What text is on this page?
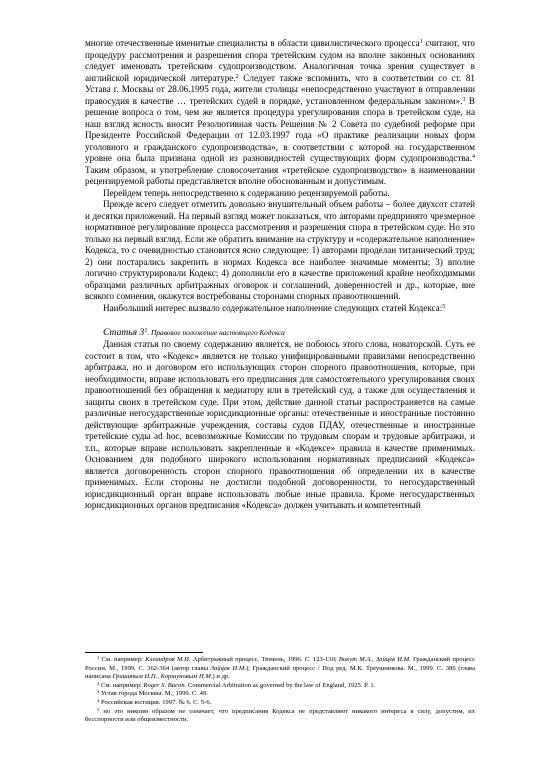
многие отечественные именитые специалисты в области цивилистического процесса$^1$ считают, что процедуру рассмотрения и разрешения спора третейским судом на вполне законных основаниях следует именовать третейским судопроизводством. Аналогичная точка зрения существует в английской юридической литературе.$^2$ Следует также вспомнить, что в соответствии со ст. 81 Устава г. Москвы от 28.06.1995 года, жители столицы «непосредственно участвуют в отправлении правосудия в качестве … третейских судей в порядке, установленном федеральным законом».$^3$ В решение вопроса о том, чем же является процедура урегулирования спора в третейском суде, на наш взгляд ясность вносит Резолютивная часть Решения № 2 Совета по судебной реформе при Президенте Российской Федерации от 12.03.1997 года «О практике реализации новых форм уголовного и гражданского судопроизводства», в соответствии с которой на государственном уровне она была признана одной из разновидностей существующих форм судопроизводства.$^4$ Таким образом, и употребление словосочетания «третейское судопроизводство» в наименовании рецензируемой работы представляется вполне обоснованным и допустимым.

Перейдем теперь непосредственно к содержанию рецензируемой работы.

Прежде всего следует отметить довольно внушительный объем работы – более двухсот статей и десятки приложений. На первый взгляд может показаться, что авторами предпринято чрезмерное нормативное регулирование процесса рассмотрения и разрешения спора в третейском суде. Но это только на первый взгляд. Если же обратить внимание на структуру и «содержательное наполнение» Кодекса, то с очевидностью становится ясно следующее: 1) авторами проделан титанический труд; 2) они постарались закрепить в нормах Кодекса все наиболее значимые моменты; 3) вполне логично структурировали Кодекс; 4) дополнили его в качестве приложений крайне необходимыми образцами различных арбитражных оговорок и соглашений, доверенностей и др., которые, вне всякого сомнения, окажутся востребованы сторонами спорных правоотношений.

Наибольший интерес вызвало содержательное наполнение следующих статей Кодекса:$^5$

Статья $3^1$. Правовое положение настоящего Кодекса

Данная статья по своему содержанию является, не побоюсь этого слова, новаторской. Суть ее состоит в том, что «Кодекс» является не только унифицированными правилами непосредственно арбитража, но и договором его использующих сторон спорного правоотношения, которые, при необходимости, вправе использовать его предписания для самостоятельного урегулирования своих правоотношений без обращения к медиатору или в третейский суд, а также для осуществления и защиты своих в третейском суде. При этом, действие данной статьи распространяется на самые различные негосударственные юрисдикционные органы: отечественные и иностранные постоянно действующие арбитражные учреждения, составы судов ПДАУ, отечественные и иностранные третейские суды ad hoc, всевозможные Комиссии по трудовым спорам и трудовые арбитражи, и т.п., которые вправе использовать закрепленные в «Кодексе» правила в качестве применимых. Основанием для подобного широкого использования нормативных предписаний «Кодекса» является договоренность сторон спорного правоотношения об определении их в качестве применимых. Если стороны не достигли подобной договоренности, то негосударственный юрисдикционный орган вправе использовать любые иные правила. Кроме негосударственных юрисдикционных органов предписания «Кодекса» должен учитывать и компетентный

$^1$ См. например: Клеандров М.И. Арбитражный процесс. Тюмень, 1996. С. 123-130; Викут М.А., Зайцев И.М. Гражданский процесс России. М., 1999. С. 362-364 (автор главы Зайцев И.М.); Гражданский процесс / Под ред. М.К. Треушникова. М., 1999. С. 386 (глава написана Гришиным И.П., Коршуновым Н.М.) и др.

$^2$ См. например: Roger S. Bacon. Commercial Arbitration as governed by the law of England, 1925. P. 1.

$^3$ Устав города Москвы. М., 1999. С. 49.

$^4$ Российская юстиция. 1997. № 6. С. 5-6.

$^5$ но это никоим образом не означает, что предписания Кодекса не представляют никакого интереса в силу, допустим, их бесспорности или общеизвестности.
